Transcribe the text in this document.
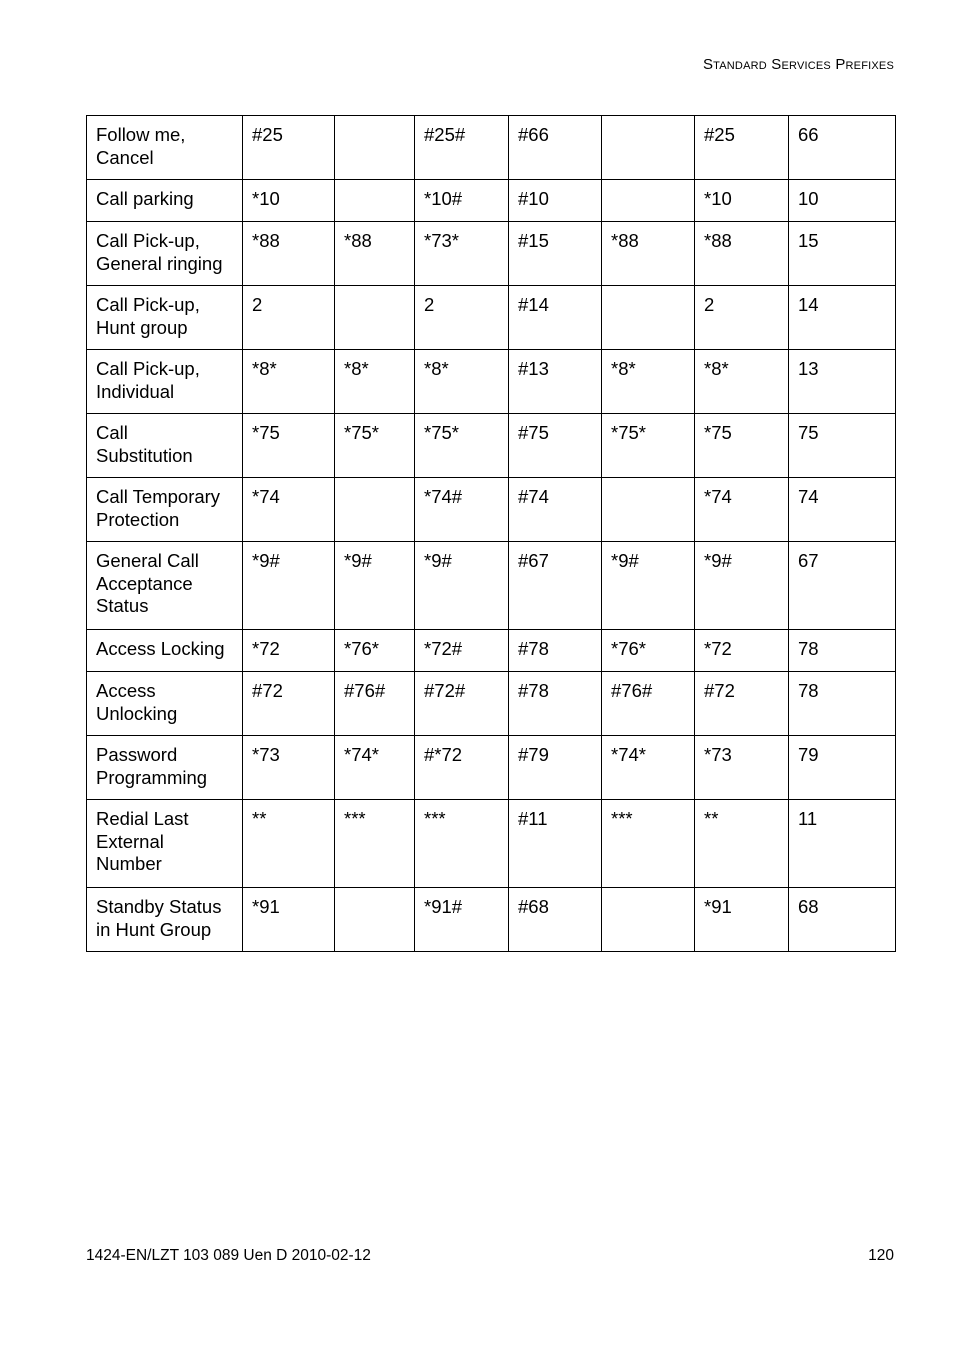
Standard Services Prefixes
Follow me,
Cancel	#25		#25#	#66		#25	66
Call parking	*10		*10#	#10		*10	10
Call Pick-up,
General ringing	*88	*88	*73*	#15	*88	*88	15
Call Pick-up,
Hunt group	2		2	#14		2	14
Call Pick-up,
Individual	*8*	*8*	*8*	#13	*8*	*8*	13
Call
Substitution	*75	*75*	*75*	#75	*75*	*75	75
Call Temporary
Protection	*74		*74#	#74		*74	74
General Call
Acceptance
Status	*9#	*9#	*9#	#67	*9#	*9#	67
Access Locking	*72	*76*	*72#	#78	*76*	*72	78
Access
Unlocking	#72	#76#	#72#	#78	#76#	#72	78
Password
Programming	*73	*74*	#*72	#79	*74*	*73	79
Redial Last
External
Number	**	***	***	#11	***	**	11
Standby Status
in Hunt Group	*91		*91#	#68		*91	68
1424-EN/LZT 103 089 Uen D 2010-02-12	120
